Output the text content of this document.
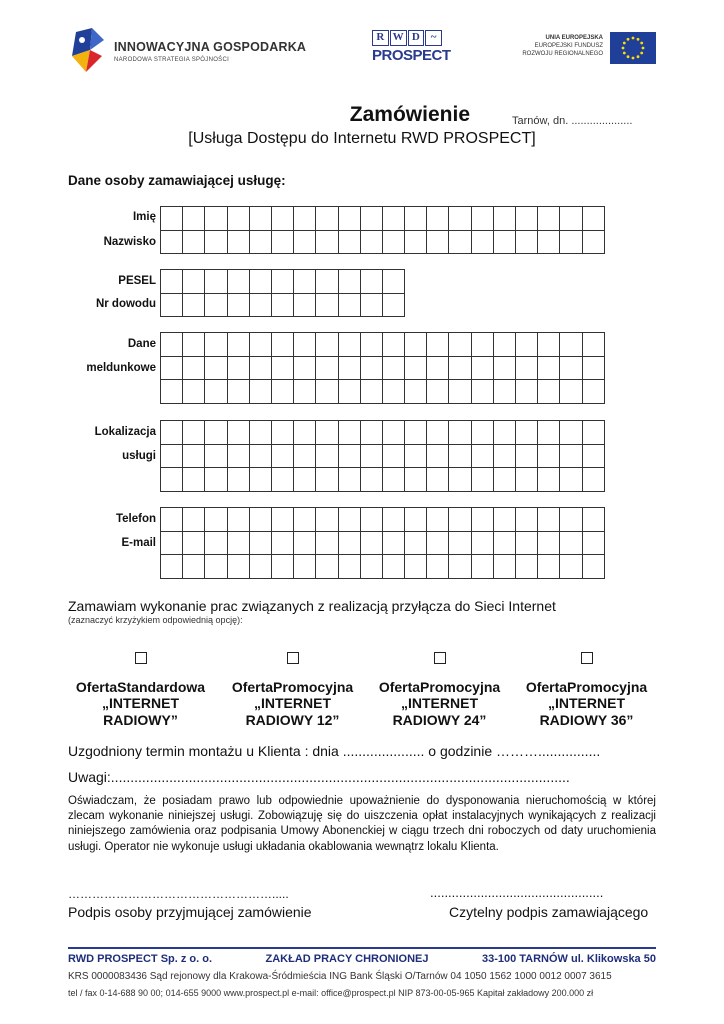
INNOWACYJNA GOSPODARKA
NARODOWA STRATEGIA SPÓJNOŚCI
R W D ~
PROSPECT
UNIA EUROPEJSKA
EUROPEJSKI FUNDUSZ
ROZWOJU REGIONALNEGO
Zamówienie	Tarnów, dn. ....................
[Usługa Dostępu do Internetu RWD PROSPECT]
Dane osoby zamawiającej usługę:
Imię
Nazwisko
PESEL
Nr dowodu
Dane
meldunkowe
Lokalizacja
usługi
Telefon
E-mail

Zamawiam wykonanie prac związanych z realizacją przyłącza do Sieci Internet
(zaznaczyć krzyżykiem odpowiednią opcję):
OfertaStandardowa
„INTERNET
RADIOWY”
OfertaPromocyjna
„INTERNET
RADIOWY 12”
OfertaPromocyjna
„INTERNET
RADIOWY 24”
OfertaPromocyjna
„INTERNET
RADIOWY 36”
Uzgodniony termin montażu u Klienta : dnia ..................... o godzinie ………................
Uwagi:......................................................................................................................
Oświadczam, że posiadam prawo lub odpowiednie upoważnienie do dysponowania nieruchomością w której zlecam wykonanie niniejszej usługi. Zobowiązuję się do uiszczenia opłat instalacyjnych wynikających z realizacji niniejszego zamówienia oraz podpisania Umowy Abonenckiej w ciągu trzech dni roboczych od daty uruchomienia usługi. Operator nie wykonuje usługi układania okablowania wewnątrz lokalu Klienta.
…………………………………………….....	................................................
Podpis osoby przyjmującej zamówienie	Czytelny podpis zamawiającego
RWD PROSPECT Sp. z o. o.	ZAKŁAD PRACY CHRONIONEJ	33-100 TARNÓW ul. Klikowska 50
KRS 0000083436 Sąd rejonowy dla Krakowa-Śródmieścia ING Bank Śląski O/Tarnów 04 1050 1562 1000 0012 0007 3615
tel / fax 0-14-688 90 00; 014-655 9000 www.prospect.pl e-mail: office@prospect.pl NIP 873-00-05-965 Kapitał zakładowy 200.000 zł
